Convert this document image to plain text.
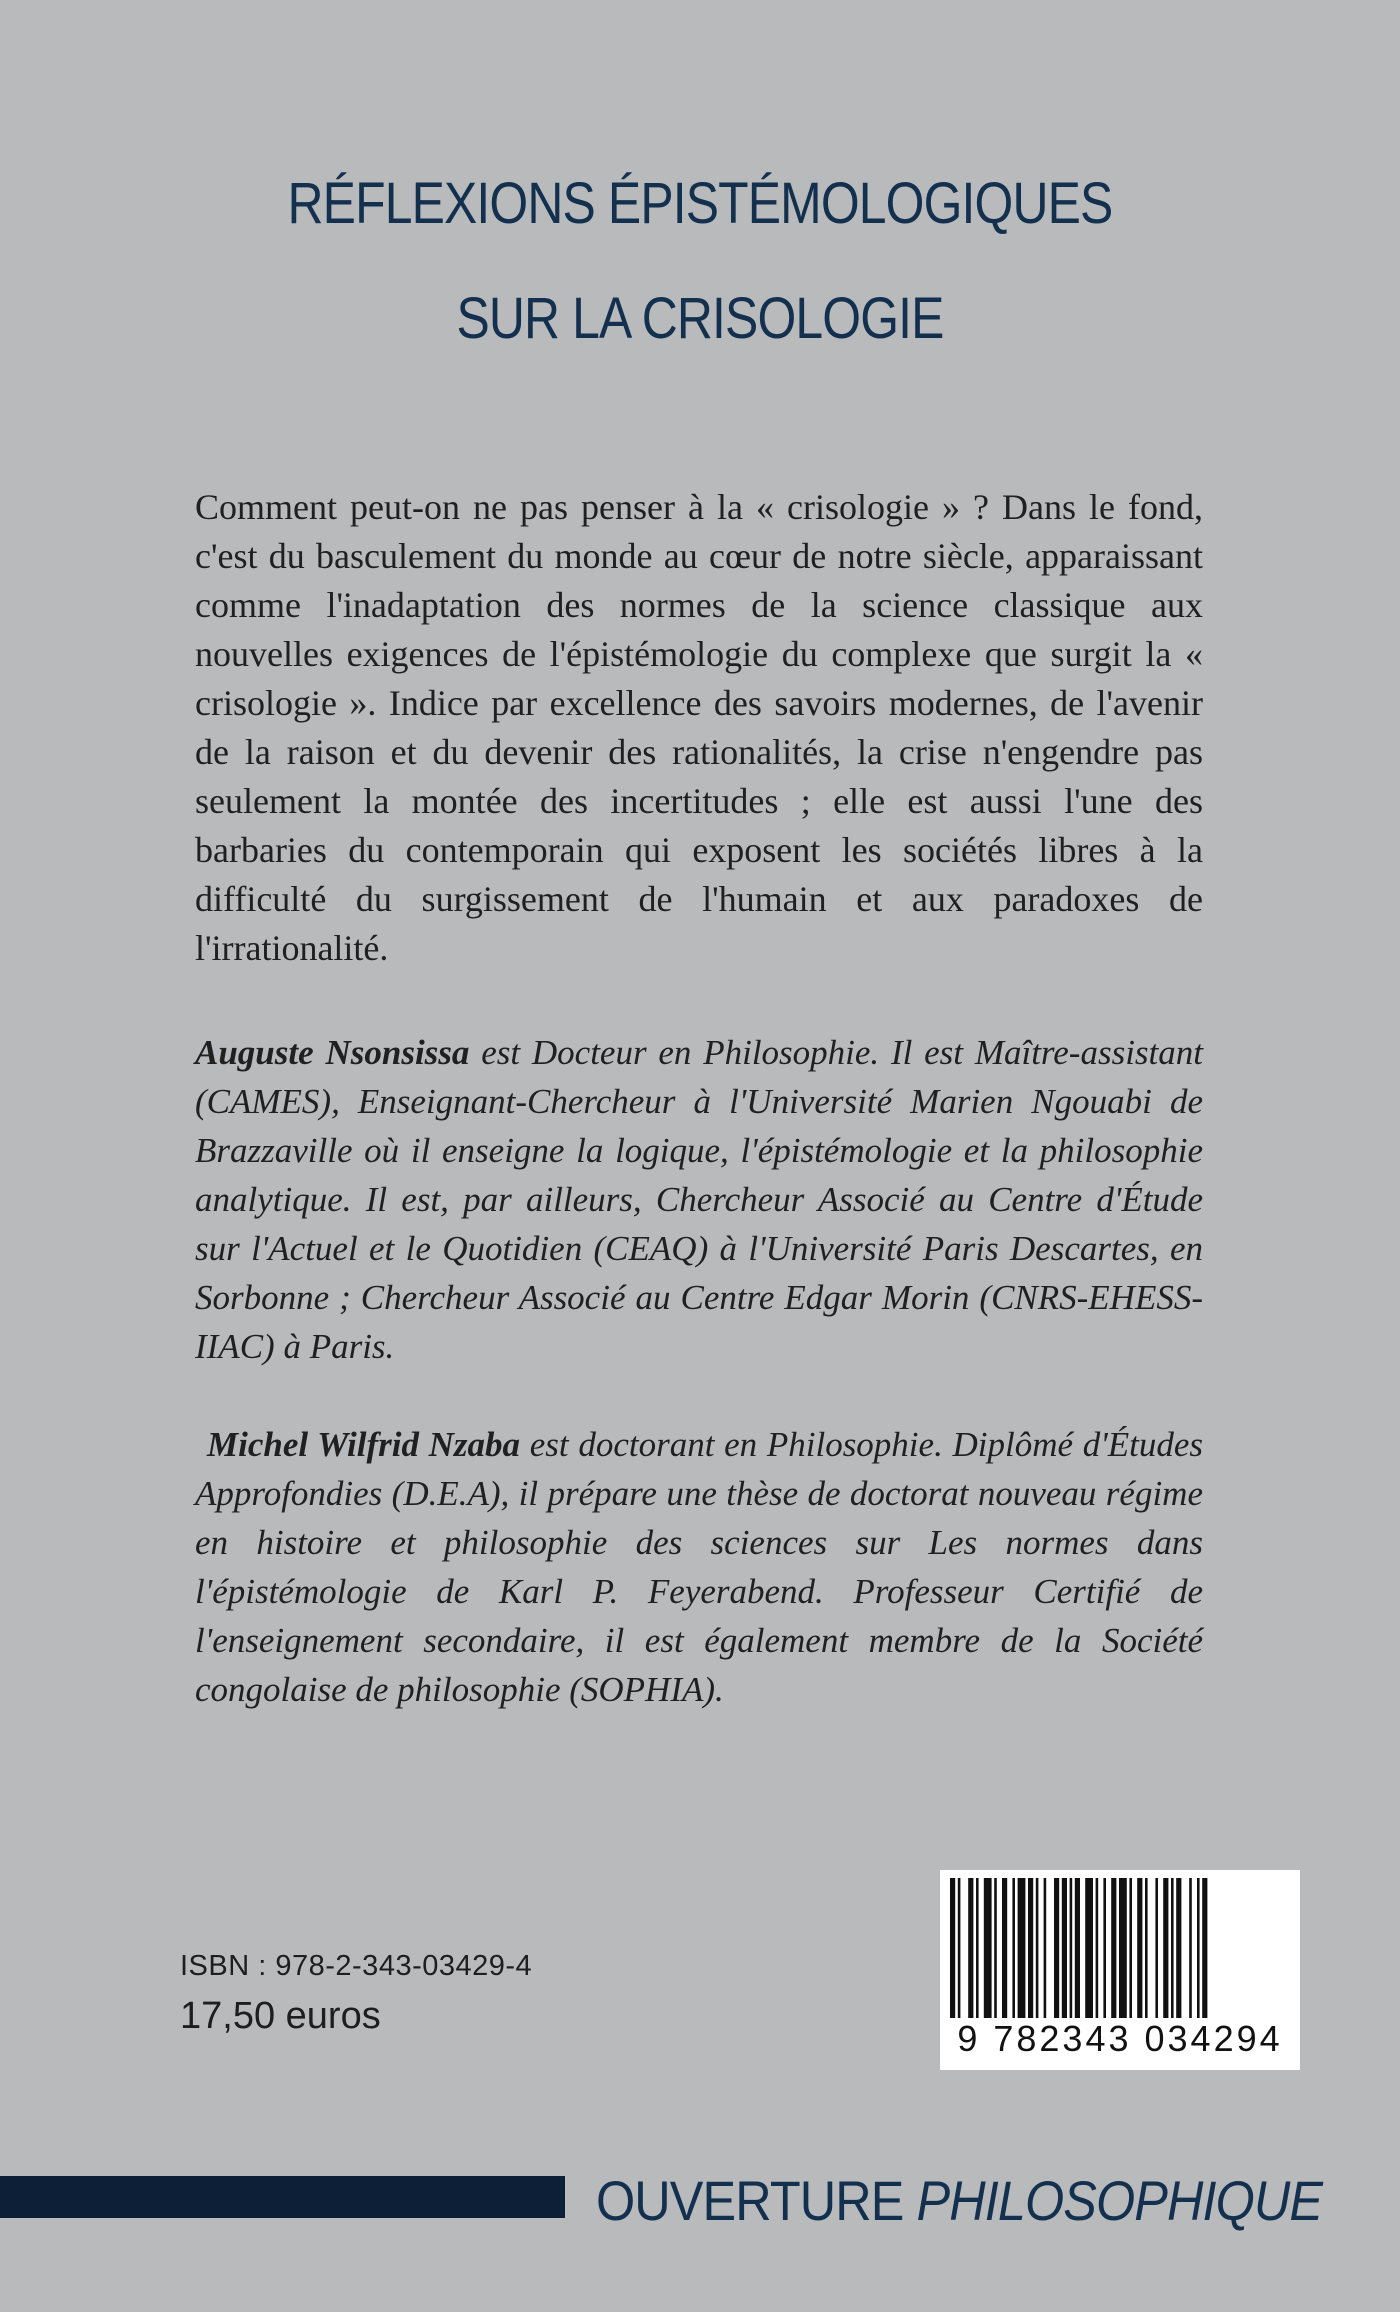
RÉFLEXIONS ÉPISTÉMOLOGIQUES
SUR LA CRISOLOGIE

Comment peut-on ne pas penser à la « crisologie » ? Dans le fond, c'est du basculement du monde au cœur de notre siècle, apparaissant comme l'inadaptation des normes de la science classique aux nouvelles exigences de l'épistémologie du complexe que surgit la « crisologie ». Indice par excellence des savoirs modernes, de l'avenir de la raison et du devenir des rationalités, la crise n'engendre pas seulement la montée des incertitudes ; elle est aussi l'une des barbaries du contemporain qui exposent les sociétés libres à la difficulté du surgissement de l'humain et aux paradoxes de l'irrationalité.

Auguste Nsonsissa est Docteur en Philosophie. Il est Maître-assistant (CAMES), Enseignant-Chercheur à l'Université Marien Ngouabi de Brazzaville où il enseigne la logique, l'épistémologie et la philosophie analytique. Il est, par ailleurs, Chercheur Associé au Centre d'Étude sur l'Actuel et le Quotidien (CEAQ) à l'Université Paris Descartes, en Sorbonne ; Chercheur Associé au Centre Edgar Morin (CNRS-EHESS-IIAC) à Paris.

Michel Wilfrid Nzaba est doctorant en Philosophie. Diplômé d'Études Approfondies (D.E.A), il prépare une thèse de doctorat nouveau régime en histoire et philosophie des sciences sur Les normes dans l'épistémologie de Karl P. Feyerabend. Professeur Certifié de l'enseignement secondaire, il est également membre de la Société congolaise de philosophie (SOPHIA).

ISBN : 978-2-343-03429-4
17,50 euros
9 782343 034294
OUVERTURE PHILOSOPHIQUE
